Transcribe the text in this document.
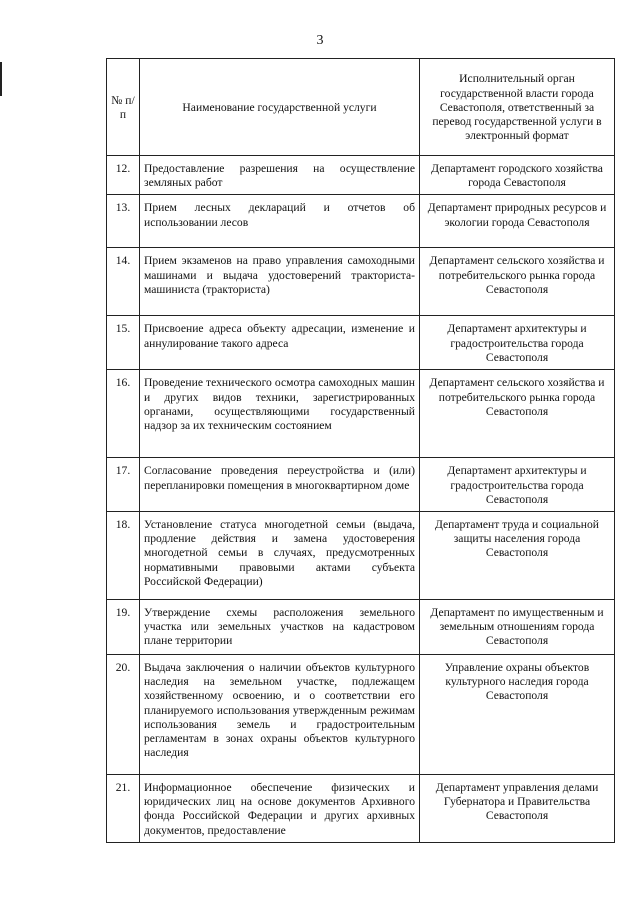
3
№ п/п	Наименование государственной услуги	Исполнительный орган государственной власти города Севастополя, ответственный за перевод государственной услуги в электронный формат
12.	Предоставление разрешения на осуществление земляных работ	Департамент городского хозяйства города Севастополя
13.	Прием лесных деклараций и отчетов об использовании лесов	Департамент природных ресурсов и экологии города Севастополя
14.	Прием экзаменов на право управления самоходными машинами и выдача удостоверений тракториста-машиниста (тракториста)	Департамент сельского хозяйства и потребительского рынка города Севастополя
15.	Присвоение адреса объекту адресации, изменение и аннулирование такого адреса	Департамент архитектуры и градостроительства города Севастополя
16.	Проведение технического осмотра самоходных машин и других видов техники, зарегистрированных органами, осуществляющими государственный надзор за их техническим состоянием	Департамент сельского хозяйства и потребительского рынка города Севастополя
17.	Согласование проведения переустройства и (или) перепланировки помещения в многоквартирном доме	Департамент архитектуры и градостроительства города Севастополя
18.	Установление статуса многодетной семьи (выдача, продление действия и замена удостоверения многодетной семьи в случаях, предусмотренных нормативными правовыми актами субъекта Российской Федерации)	Департамент труда и социальной защиты населения города Севастополя
19.	Утверждение схемы расположения земельного участка или земельных участков на кадастровом плане территории	Департамент по имущественным и земельным отношениям города Севастополя
20.	Выдача заключения о наличии объектов культурного наследия на земельном участке, подлежащем хозяйственному освоению, и о соответствии его планируемого использования утвержденным режимам использования земель и градостроительным регламентам в зонах охраны объектов культурного наследия	Управление охраны объектов культурного наследия города Севастополя
21.	Информационное обеспечение физических и юридических лиц на основе документов Архивного фонда Российской Федерации и других архивных документов, предоставление	Департамент управления делами Губернатора и Правительства Севастополя
